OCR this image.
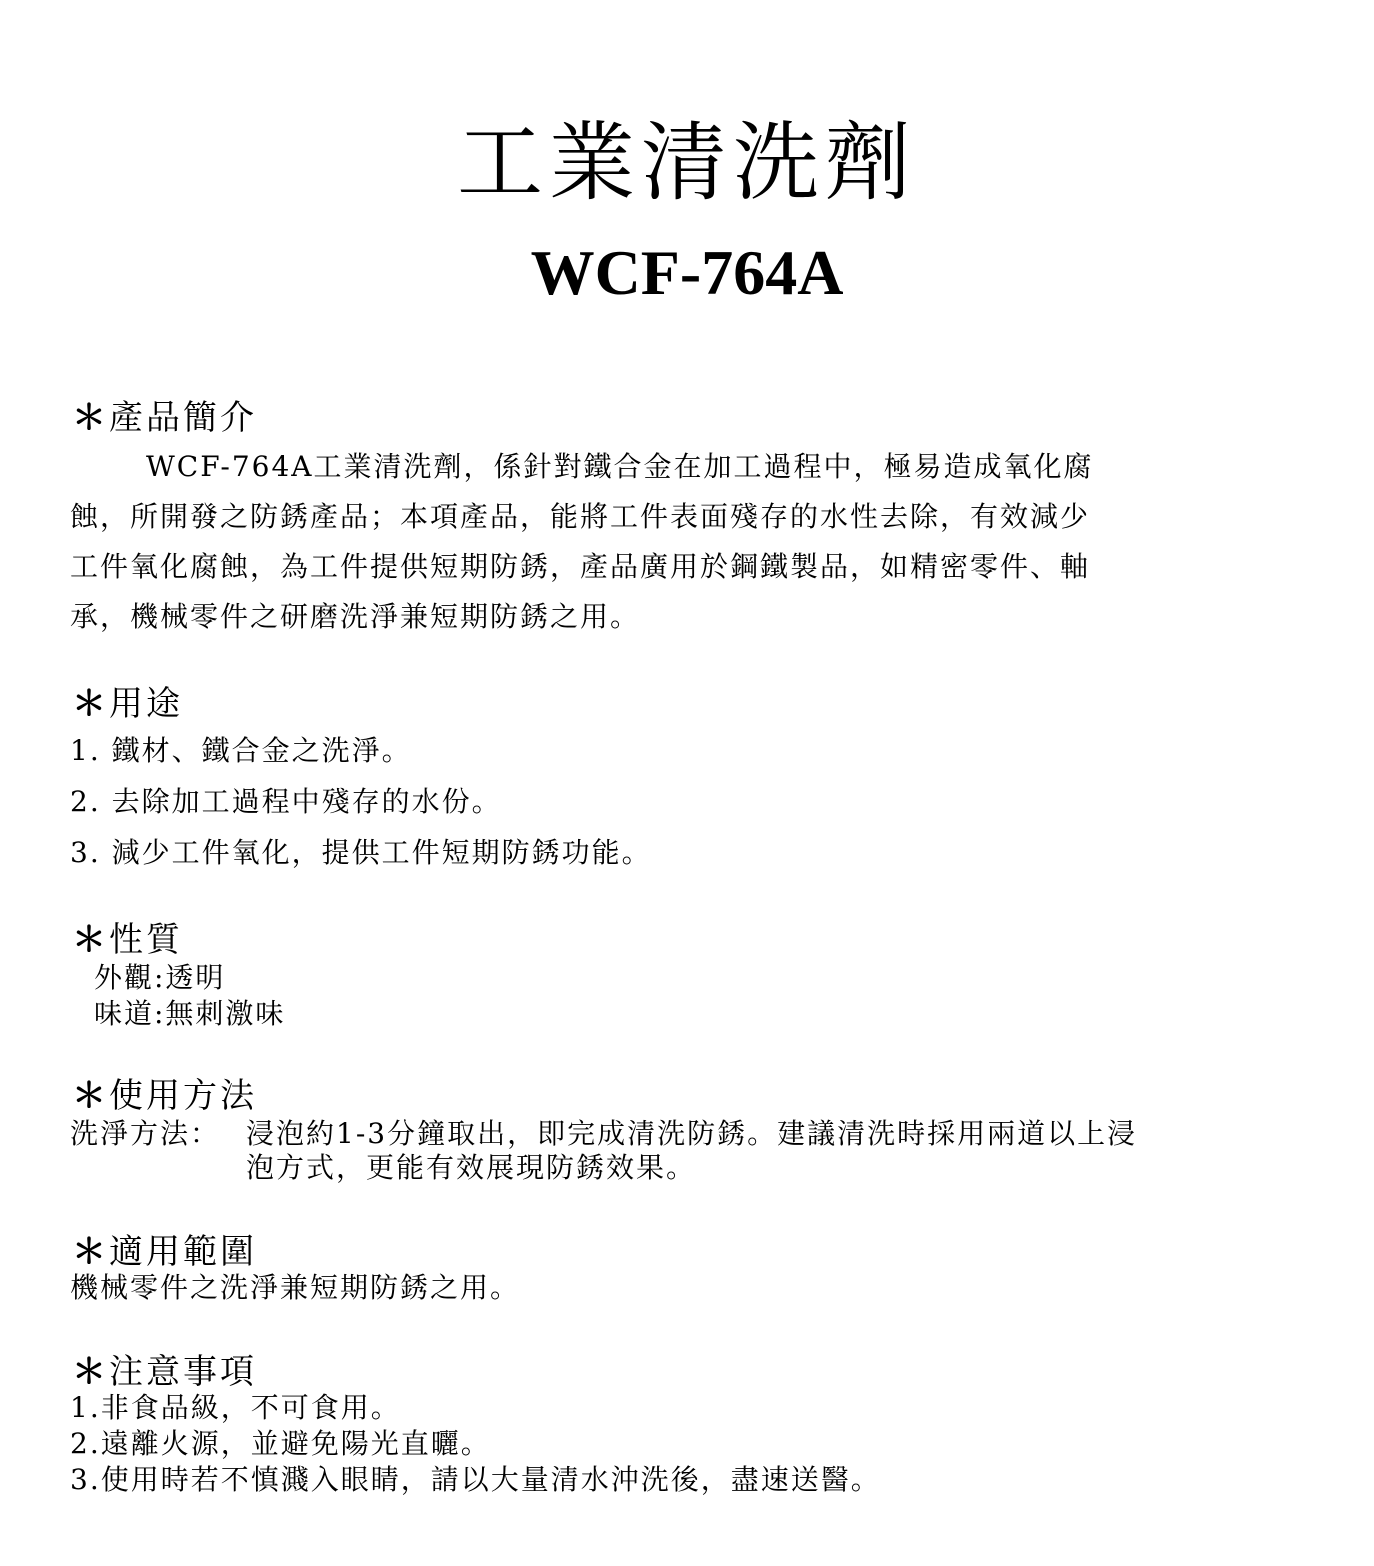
工業清洗劑
WCF-764A
＊產品簡介
WCF-764A工業清洗劑，係針對鐵合金在加工過程中，極易造成氧化腐
蝕，所開發之防銹產品；本項產品，能將工件表面殘存的水性去除，有效減少
工件氧化腐蝕，為工件提供短期防銹，產品廣用於鋼鐵製品，如精密零件、軸
承，機械零件之研磨洗淨兼短期防銹之用。
＊用途
1. 鐵材、鐵合金之洗淨。
2. 去除加工過程中殘存的水份。
3. 減少工件氧化，提供工件短期防銹功能。
＊性質
外觀:透明
味道:無刺激味
＊使用方法
洗淨方法： 浸泡約1-3分鐘取出，即完成清洗防銹。建議清洗時採用兩道以上浸
泡方式，更能有效展現防銹效果。
＊適用範圍
機械零件之洗淨兼短期防銹之用。
＊注意事項
1.非食品級，不可食用。
2.遠離火源，並避免陽光直曬。
3.使用時若不慎濺入眼睛，請以大量清水沖洗後，盡速送醫。
